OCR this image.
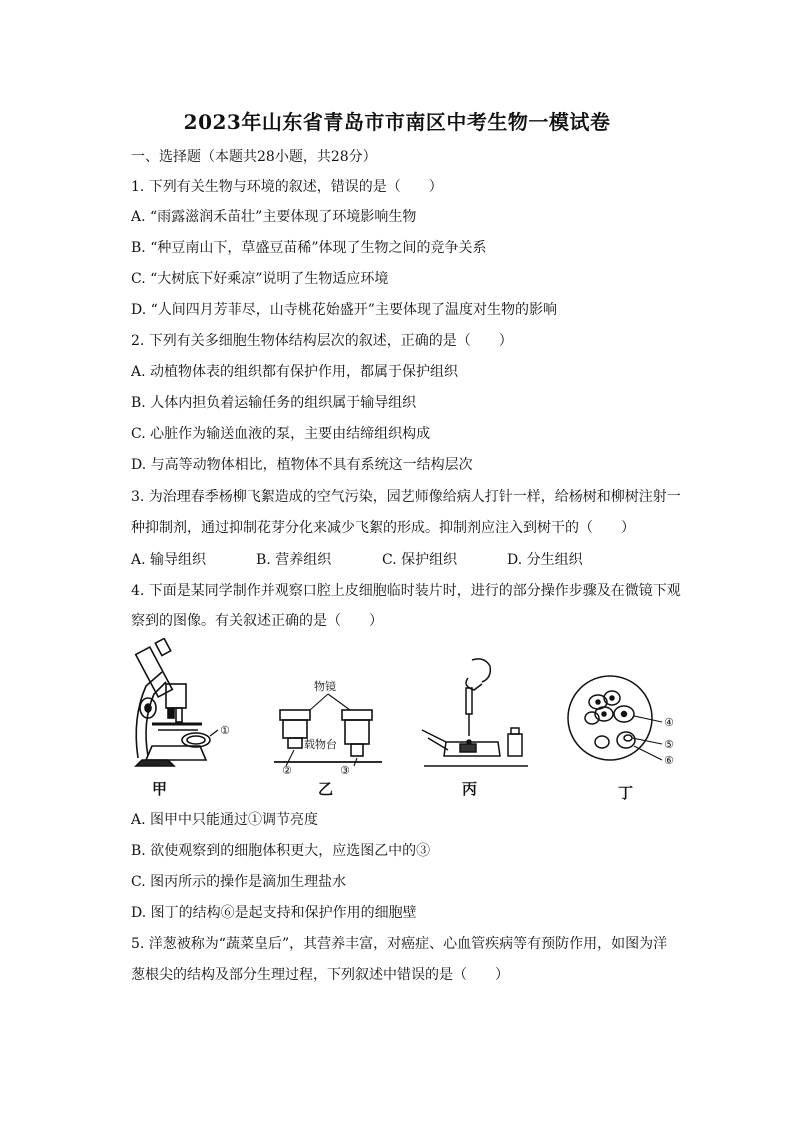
2023年山东省青岛市市南区中考生物一模试卷
一、选择题（本题共28小题，共28分）
1. 下列有关生物与环境的叙述，错误的是（　　）
A. “雨露滋润禾苗壮”主要体现了环境影响生物
B. “种豆南山下，草盛豆苗稀”体现了生物之间的竞争关系
C. “大树底下好乘凉”说明了生物适应环境
D. “人间四月芳菲尽，山寺桃花始盛开”主要体现了温度对生物的影响
2. 下列有关多细胞生物体结构层次的叙述，正确的是（　　）
A. 动植物体表的组织都有保护作用，都属于保护组织
B. 人体内担负着运输任务的组织属于输导组织
C. 心脏作为输送血液的泵，主要由结缔组织构成
D. 与高等动物体相比，植物体不具有系统这一结构层次
3. 为治理春季杨柳飞絮造成的空气污染，园艺师像给病人打针一样，给杨树和柳树注射一
种抑制剂，通过抑制花芽分化来减少飞絮的形成。抑制剂应注入到树干的（　　）
A. 输导组织	B. 营养组织	C. 保护组织	D. 分生组织
4. 下面是某同学制作并观察口腔上皮细胞临时装片时，进行的部分操作步骤及在微镜下观
察到的图像。有关叙述正确的是（　　）
①
甲
物镜
载物台
②	③
乙	丙
④
⑤
⑥
丁
A. 图甲中只能通过①调节亮度
B. 欲使观察到的细胞体积更大，应选图乙中的③
C. 图丙所示的操作是滴加生理盐水
D. 图丁的结构⑥是起支持和保护作用的细胞壁
5. 洋葱被称为“蔬菜皇后”，其营养丰富，对癌症、心血管疾病等有预防作用，如图为洋
葱根尖的结构及部分生理过程，下列叙述中错误的是（　　）
